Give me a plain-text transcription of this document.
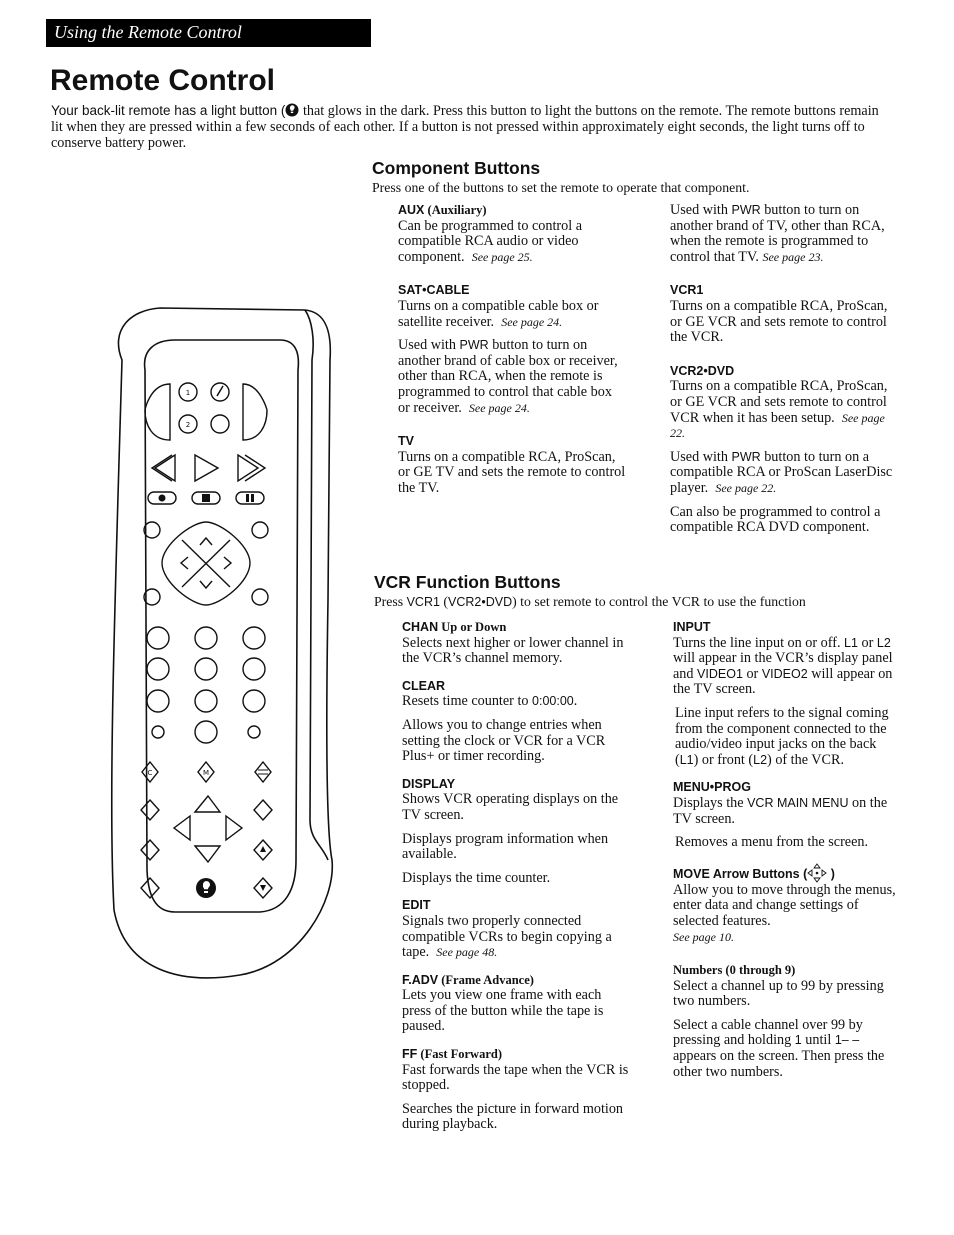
Using the Remote Control
Remote Control
Your back-lit remote has a light button ( that glows in the dark. Press this button to light the buttons on the remote. The remote buttons remain lit when they are pressed within a few seconds of each other. If a button is not pressed within approximately eight seconds, the light turns off to conserve battery power.
Component Buttons
Press one of the buttons to set the remote to operate that component.
AUX (Auxiliary)

Can be programmed to control a compatible RCA audio or video component. See page 25.

SAT•CABLE

Turns on a compatible cable box or satellite receiver. See page 24.

Used with PWR button to turn on another brand of cable box or receiver, other than RCA, when the remote is programmed to control that cable box or receiver. See page 24.

TV

Turns on a compatible RCA, ProScan, or GE TV and sets the remote to control the TV.

Used with PWR button to turn on another brand of TV, other than RCA, when the remote is programmed to control that TV. See page 23.

VCR1

Turns on a compatible RCA, ProScan, or GE VCR and sets remote to control the VCR.

VCR2•DVD

Turns on a compatible RCA, ProScan, or GE VCR and sets remote to control VCR when it has been setup. See page 22.

Used with PWR button to turn on a compatible RCA or ProScan LaserDisc player. See page 22.

Can also be programmed to control a compatible RCA DVD component.

VCR Function Buttons
Press VCR1 (VCR2•DVD) to set remote to control the VCR to use the function
CHAN Up or Down

Selects next higher or lower channel in the VCR’s channel memory.

CLEAR

Resets time counter to 0:00:00.

Allows you to change entries when setting the clock or VCR for a VCR Plus+ or timer recording.

DISPLAY

Shows VCR operating displays on the TV screen.

Displays program information when available.

Displays the time counter.

EDIT

Signals two properly connected compatible VCRs to begin copying a tape. See page 48.

F.ADV (Frame Advance)

Lets you view one frame with each press of the button while the tape is paused.

FF (Fast Forward)

Fast forwards the tape when the VCR is stopped.

Searches the picture in forward motion during playback.

INPUT

Turns the line input on or off. L1 or L2 will appear in the VCR’s display panel and VIDEO1 or VIDEO2 will appear on the TV screen.

Line input refers to the signal coming from the component connected to the audio/video input jacks on the back (L1) or front (L2) of the VCR.

MENU•PROG

Displays the VCR MAIN MENU on the TV screen.

Removes a menu from the screen.

MOVE Arrow Buttons ( )

Allow you to move through the menus, enter data and change settings of selected features.

See page 10.

Numbers (0 through 9)

Select a channel up to 99 by pressing two numbers.

Select a cable channel over 99 by pressing and holding 1 until 1– – appears on the screen. Then press the other two numbers.

1
2
C	M
